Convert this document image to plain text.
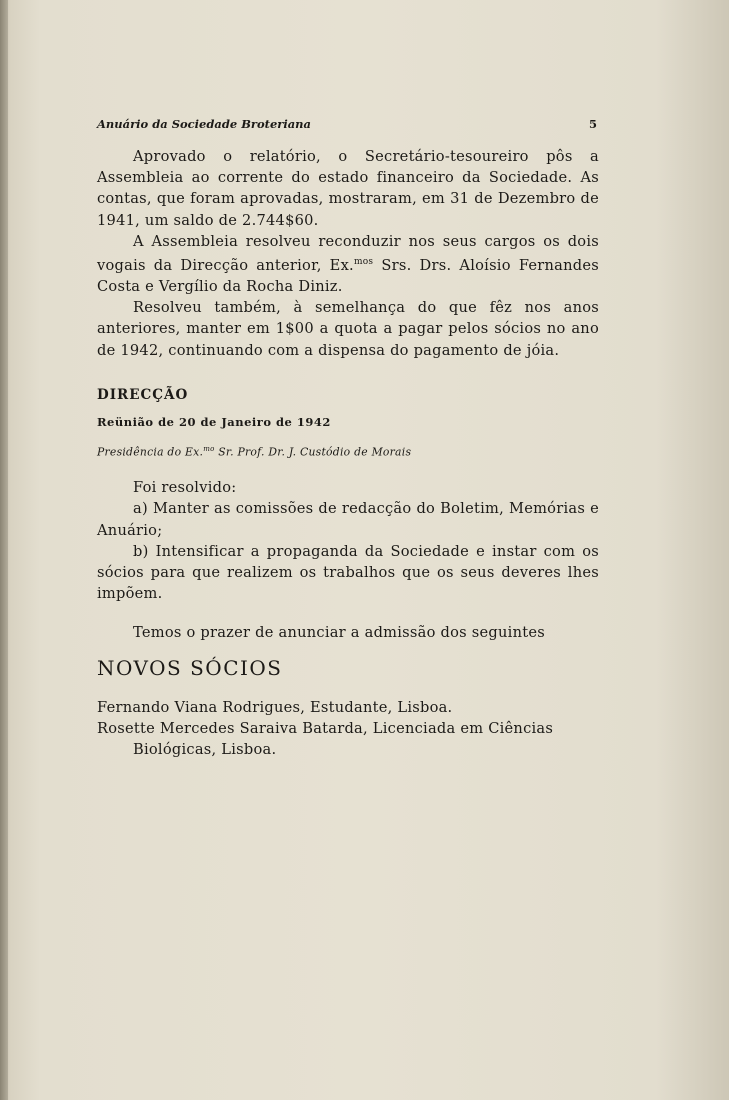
Anuário da Sociedade Broteriana	5

Aprovado o relatório, o Secretário-tesoureiro pôs a Assembleia ao corrente do estado financeiro da Sociedade. As contas, que foram aprovadas, mostraram, em 31 de Dezembro de 1941, um saldo de 2.744$60.

A Assembleia resolveu reconduzir nos seus cargos os dois vogais da Direcção anterior, Ex.$^{mos}$ Srs. Drs. Aloísio Fernandes Costa e Vergílio da Rocha Diniz.

Resolveu também, à semelhança do que fêz nos anos anteriores, manter em 1$00 a quota a pagar pelos sócios no ano de 1942, continuando com a dispensa do pagamento de jóia.

DIRECÇÃO

Reünião de 20 de Janeiro de 1942

Presidência do Ex.$^{mo}$ Sr. Prof. Dr. J. Custódio de Morais

Foi resolvido:

a) Manter as comissões de redacção do Boletim, Memórias e Anuário;

b) Intensificar a propaganda da Sociedade e instar com os sócios para que realizem os trabalhos que os seus deveres lhes impõem.

Temos o prazer de anunciar a admissão dos seguintes

NOVOS SÓCIOS

Fernando Viana Rodrigues, Estudante, Lisboa.

Rosette Mercedes Saraiva Batarda, Licenciada em Ciências Biológicas, Lisboa.
